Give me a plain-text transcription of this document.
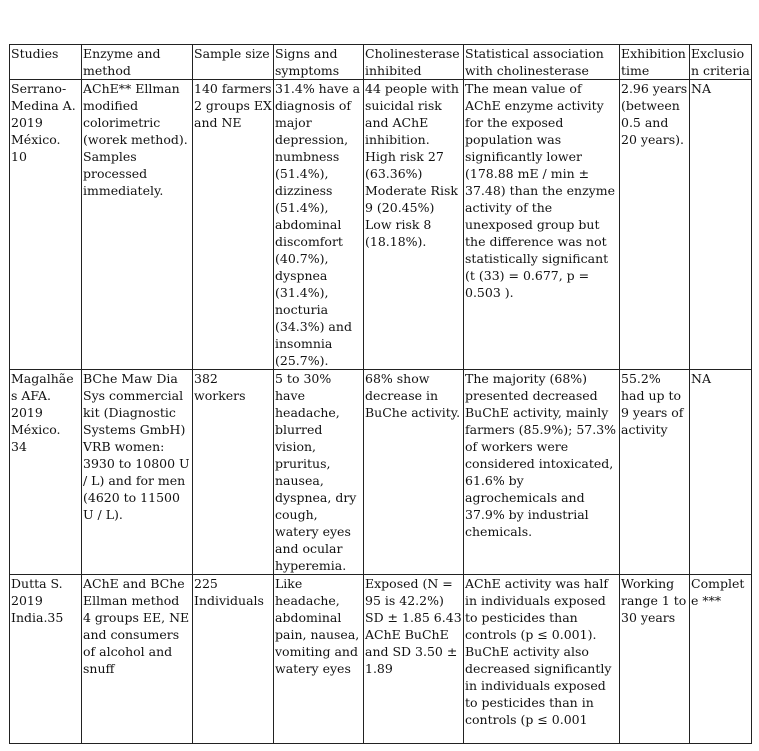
Studies	Enzyme and method	Sample size	Signs and symptoms	Cholinesterase inhibited	Statistical association with cholinesterase	Exhibition time	Exclusion criteria
Serrano-Medina A. 2019 México. 10	AChE** Ellman modified colorimetric (worek method). Samples processed immediately.	140 farmers 2 groups EX and NE	31.4% have a diagnosis of major depression, numbness (51.4%), dizziness (51.4%), abdominal discomfort (40.7%), dyspnea (31.4%), nocturia (34.3%) and insomnia (25.7%).	44 people with suicidal risk and AChE inhibition. High risk 27 (63.36%) Moderate Risk 9 (20.45%) Low risk 8 (18.18%).	The mean value of AChE enzyme activity for the exposed population was significantly lower (178.88 mE / min ± 37.48) than the enzyme activity of the unexposed group but the difference was not statistically significant (t (33) = 0.677, p = 0.503 ).	2.96 years (between 0.5 and 20 years).	NA
Magalhães AFA. 2019 México. 34	BChe Maw Dia Sys commercial kit (Diagnostic Systems GmbH) VRB women: 3930 to 10800 U / L) and for men (4620 to 11500 U / L).	382 workers	5 to 30% have headache, blurred vision, pruritus, nausea, dyspnea, dry cough, watery eyes and ocular hyperemia.	68% show decrease in BuChe activity.	The majority (68%) presented decreased BuChE activity, mainly farmers (85.9%); 57.3% of workers were considered intoxicated, 61.6% by agrochemicals and 37.9% by industrial chemicals.	55.2% had up to 9 years of activity	NA
Dutta S. 2019 India.35	AChE and BChe Ellman method 4 groups EE, NE and consumers of alcohol and snuff	225 Individuals	Like headache, abdominal pain, nausea, vomiting and watery eyes	Exposed (N = 95 is 42.2%) SD ± 1.85 6.43 AChE BuChE and SD 3.50 ± 1.89	AChE activity was half in individuals exposed to pesticides than controls (p ≤ 0.001). BuChE activity also decreased significantly in individuals exposed to pesticides than in controls (p ≤ 0.001	Working range 1 to 30 years	Complete ***
